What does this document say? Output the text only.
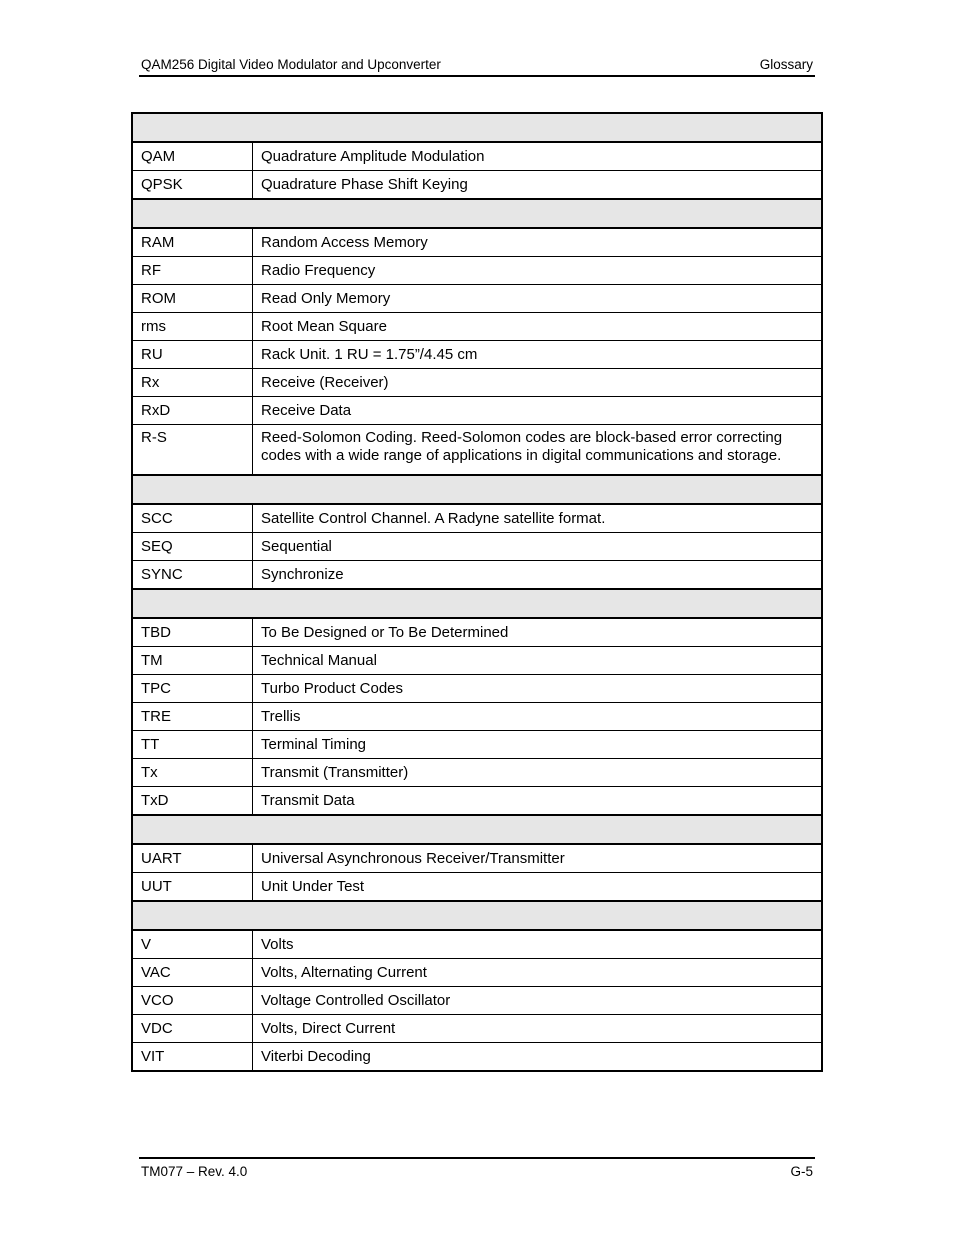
QAM256 Digital Video Modulator and Upconverter	Glossary

QAM	Quadrature Amplitude Modulation
QPSK	Quadrature Phase Shift Keying

RAM	Random Access Memory
RF	Radio Frequency
ROM	Read Only Memory
rms	Root Mean Square
RU	Rack Unit. 1 RU = 1.75”/4.45 cm
Rx	Receive (Receiver)
RxD	Receive Data
R-S	Reed-Solomon Coding. Reed-Solomon codes are block-based error correcting codes with a wide range of applications in digital communications and storage.

SCC	Satellite Control Channel. A Radyne satellite format.
SEQ	Sequential
SYNC	Synchronize

TBD	To Be Designed or To Be Determined
TM	Technical Manual
TPC	Turbo Product Codes
TRE	Trellis
TT	Terminal Timing
Tx	Transmit (Transmitter)
TxD	Transmit Data

UART	Universal Asynchronous Receiver/Transmitter
UUT	Unit Under Test

V	Volts
VAC	Volts, Alternating Current
VCO	Voltage Controlled Oscillator
VDC	Volts, Direct Current
VIT	Viterbi Decoding
TM077 – Rev. 4.0	G-5
